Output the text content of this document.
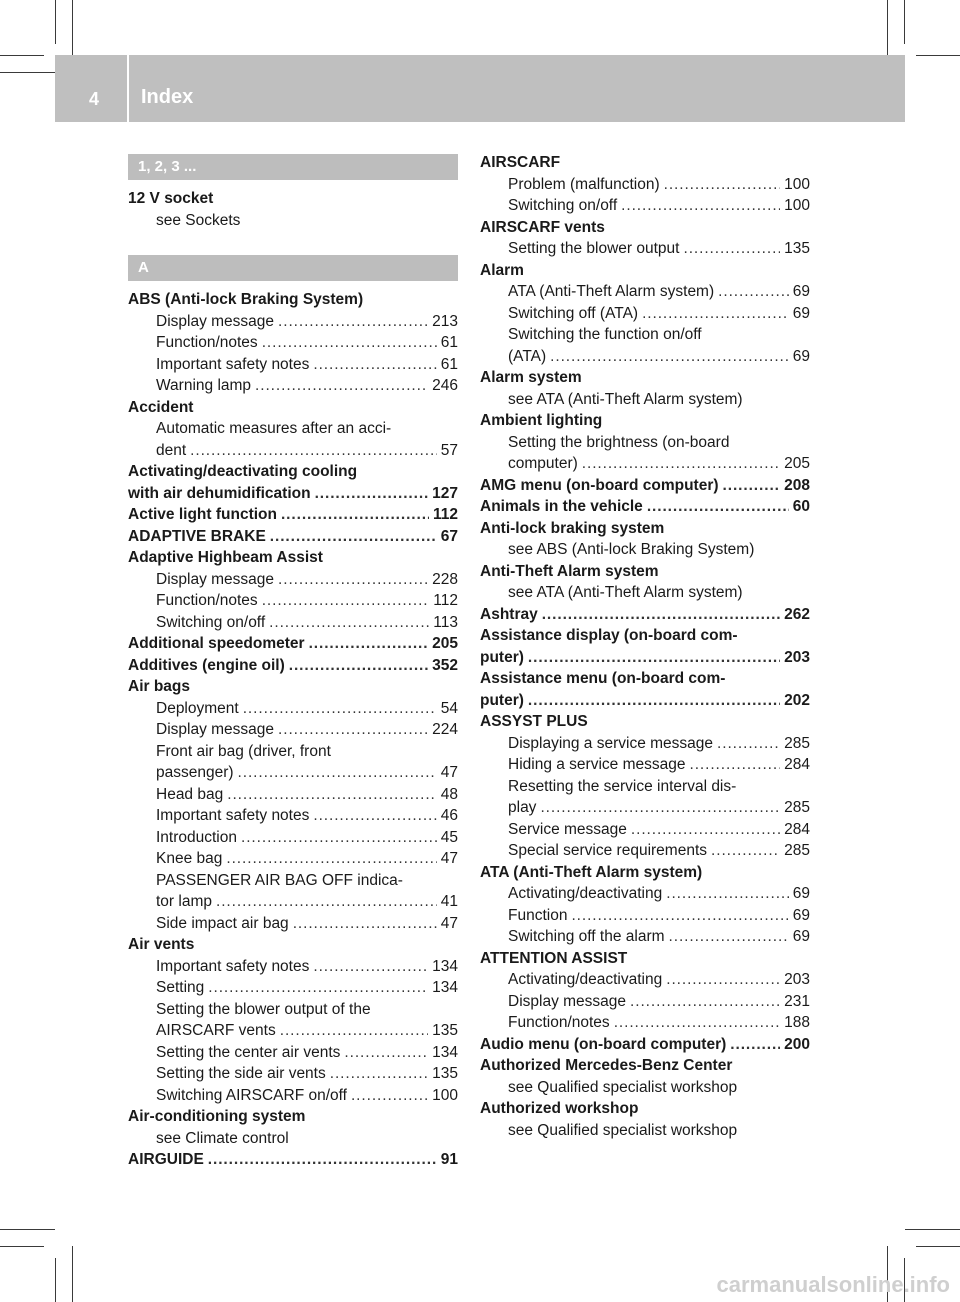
4 Index
1, 2, 3 ...
12 V socket
see Sockets
A
ABS (Anti-lock Braking System)
Display message . . .	213
Function/notes . . .	61
Important safety notes . . .	61
Warning lamp . . .	246
Accident
Automatic measures after an acci-
dent . . .	57
Activating/deactivating cooling
with air dehumidification . . .	127
Active light function . . .	112
ADAPTIVE BRAKE . . .	67
Adaptive Highbeam Assist
Display message . . .	228
Function/notes . . .	112
Switching on/off . . .	113
Additional speedometer . . .	205
Additives (engine oil) . . .	352
Air bags
Deployment . . .	54
Display message . . .	224
Front air bag (driver, front
passenger) . . .	47
Head bag . . .	48
Important safety notes . . .	46
Introduction . . .	45
Knee bag . . .	47
PASSENGER AIR BAG OFF indica-
tor lamp . . .	41
Side impact air bag . . .	47
Air vents
Important safety notes . . .	134
Setting . . .	134
Setting the blower output of the
AIRSCARF vents . . .	135
Setting the center air vents . . .	134
Setting the side air vents . . .	135
Switching AIRSCARF on/off . . .	100
Air-conditioning system
see Climate control
AIRGUIDE . . .	91
AIRSCARF
Problem (malfunction) . . .	100
Switching on/off . . .	100
AIRSCARF vents
Setting the blower output . . .	135
Alarm
ATA (Anti-Theft Alarm system) . . .	69
Switching off (ATA) . . .	69
Switching the function on/off
(ATA) . . .	69
Alarm system
see ATA (Anti-Theft Alarm system)
Ambient lighting
Setting the brightness (on-board
computer) . . .	205
AMG menu (on-board computer) . . .	208
Animals in the vehicle . . .	60
Anti-lock braking system
see ABS (Anti-lock Braking System)
Anti-Theft Alarm system
see ATA (Anti-Theft Alarm system)
Ashtray . . .	262
Assistance display (on-board com-
puter) . . .	203
Assistance menu (on-board com-
puter) . . .	202
ASSYST PLUS
Displaying a service message . . .	285
Hiding a service message . . .	284
Resetting the service interval dis-
play . . .	285
Service message . . .	284
Special service requirements . . .	285
ATA (Anti-Theft Alarm system)
Activating/deactivating . . .	69
Function . . .	69
Switching off the alarm . . .	69
ATTENTION ASSIST
Activating/deactivating . . .	203
Display message . . .	231
Function/notes . . .	188
Audio menu (on-board computer) . . .	200
Authorized Mercedes-Benz Center
see Qualified specialist workshop
Authorized workshop
see Qualified specialist workshop
carmanualsonline.info
